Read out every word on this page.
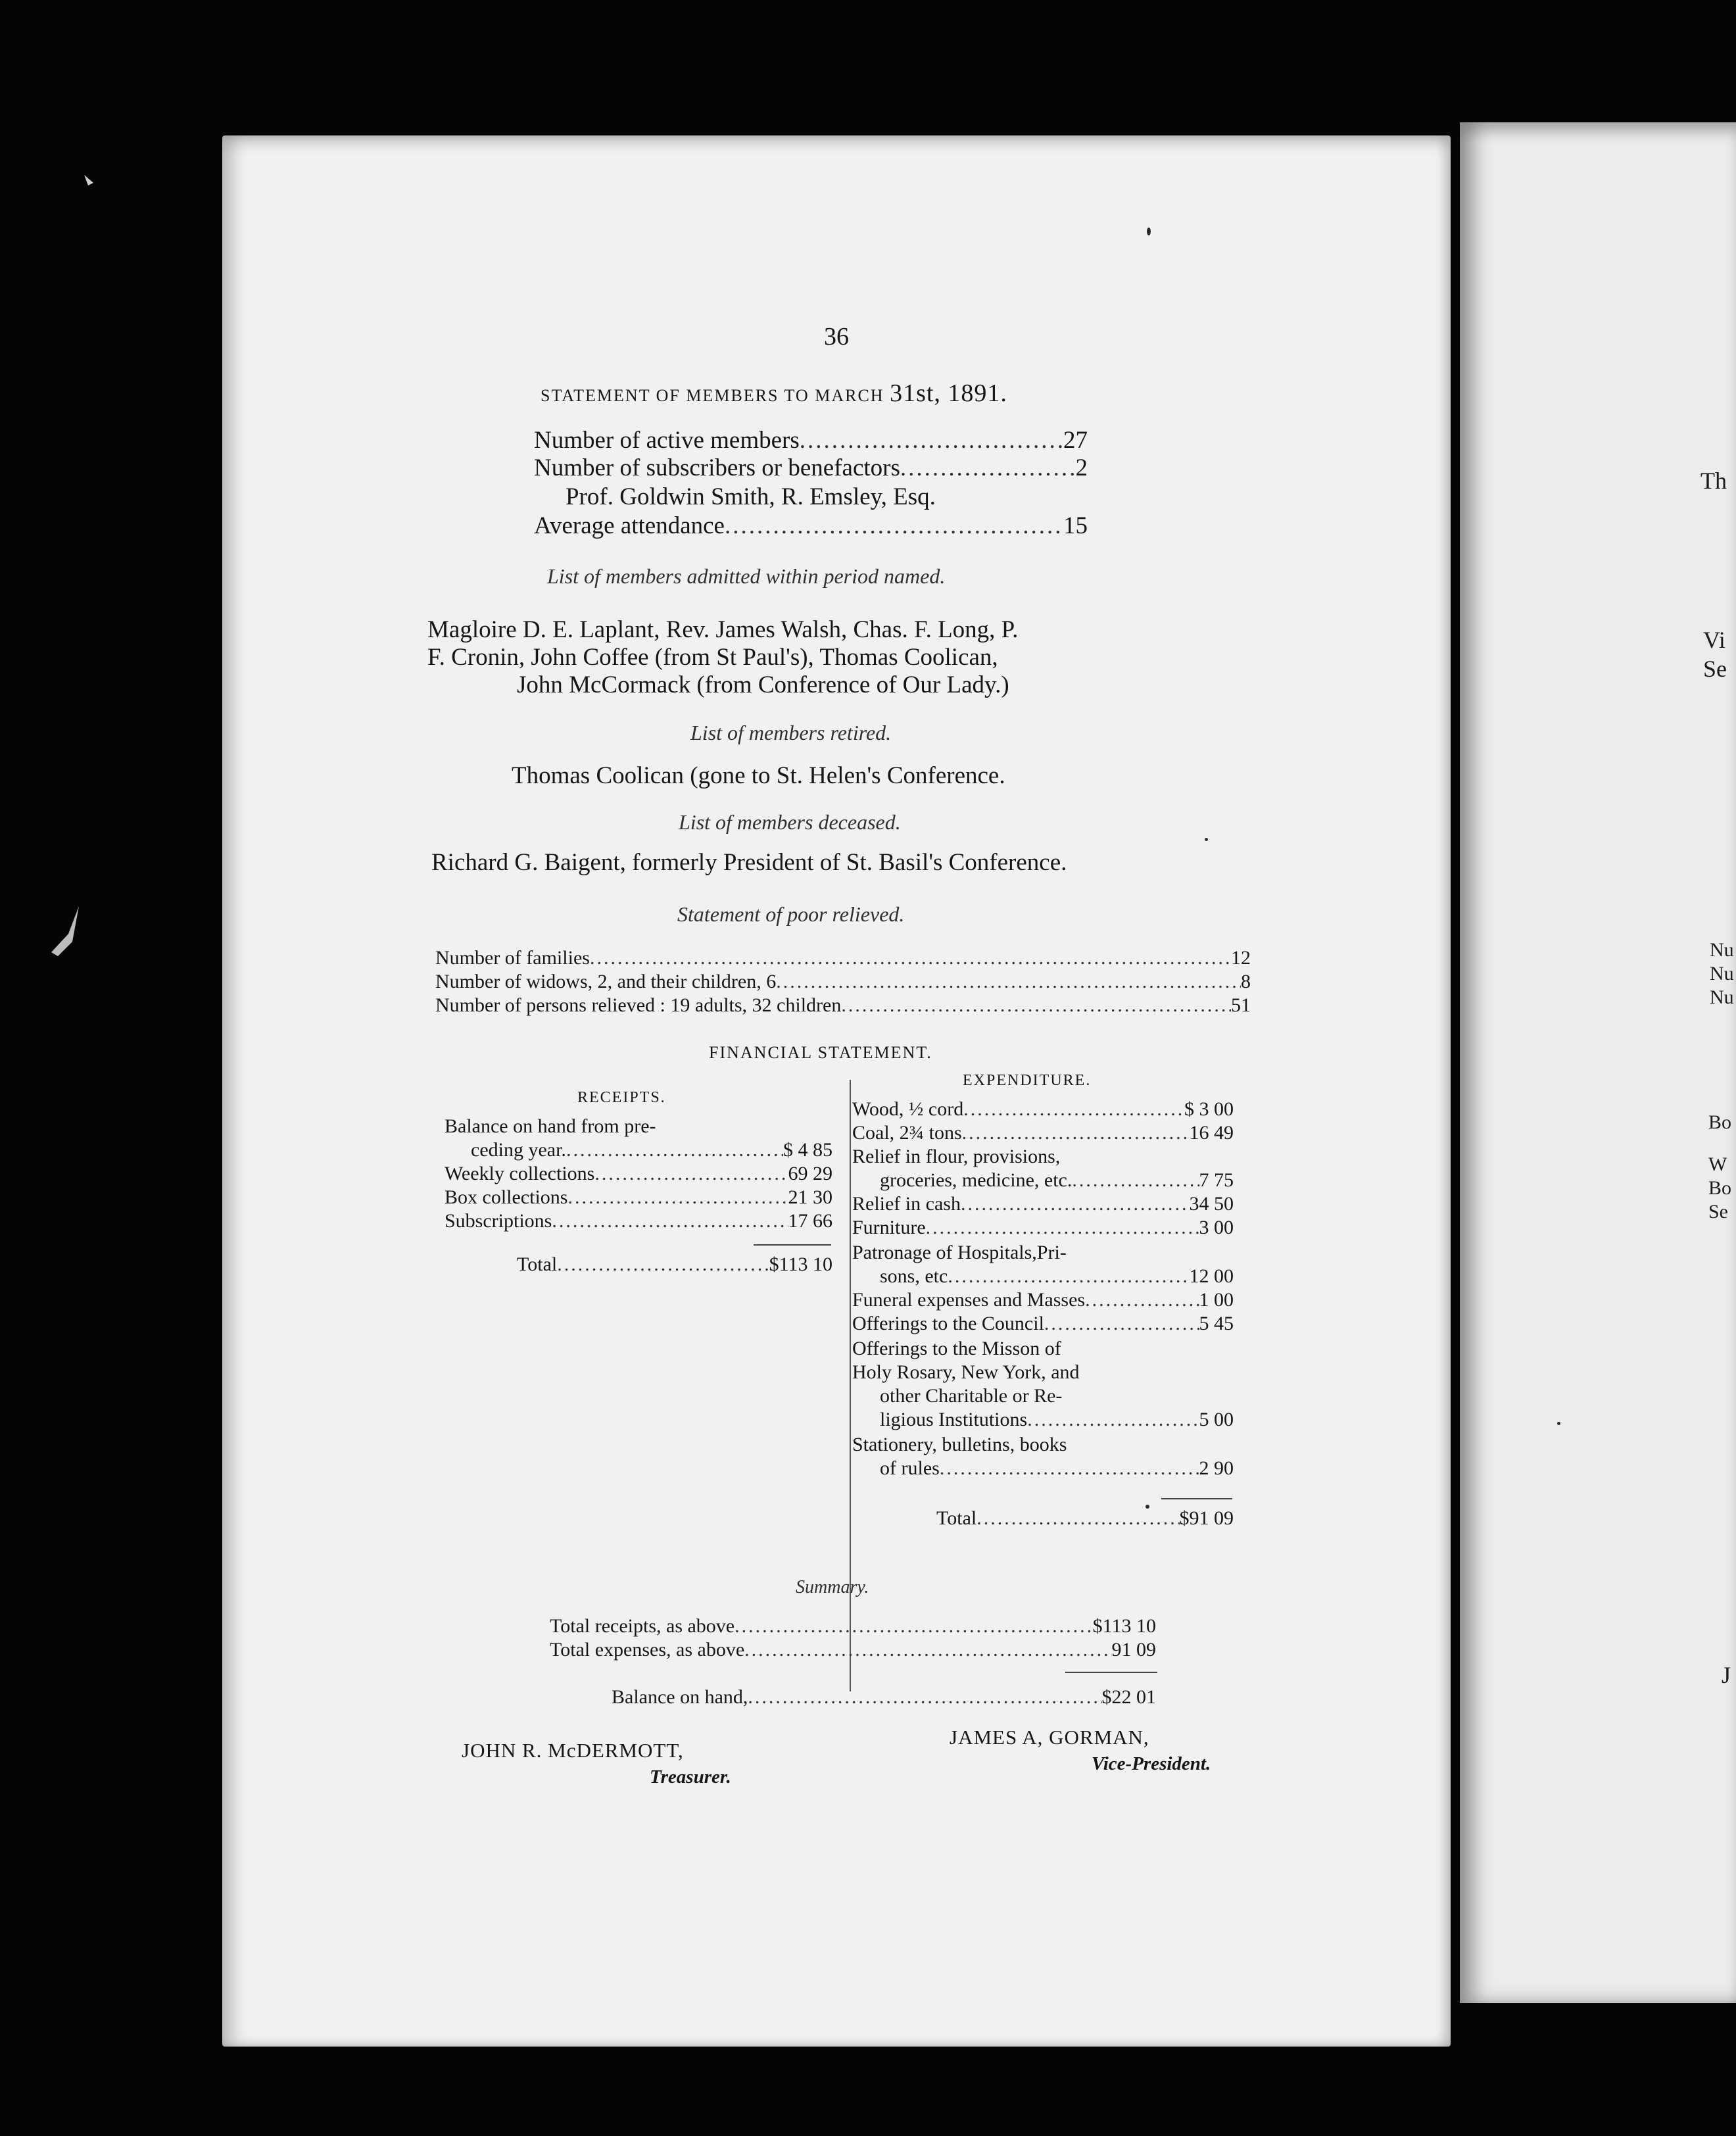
36
STATEMENT OF MEMBERS TO MARCH 31st, 1891.
Number of active members .....	27
Number of subscribers or benefactors .....	2
Prof. Goldwin Smith, R. Emsley, Esq.
Average attendance .....	15
List of members admitted within period named.
Magloire D. E. Laplant, Rev. James Walsh, Chas. F. Long, P.
F. Cronin, John Coffee (from St Paul's), Thomas Coolican,
John McCormack (from Conference of Our Lady.)
List of members retired.
Thomas Coolican (gone to St. Helen's Conference.
List of members deceased.
Richard G. Baigent, formerly President of St. Basil's Conference.
Statement of poor relieved.
Number of families .....	12
Number of widows, 2, and their children, 6 .....	8
Number of persons relieved : 19 adults, 32 children .....	51
FINANCIAL STATEMENT.
RECEIPTS.
Balance on hand from pre-
ceding year. .....	$ 4 85
Weekly collections .....	69 29
Box collections .....	21 30
Subscriptions .....	17 66
Total .....	$113 10
EXPENDITURE.
Wood, ½ cord .....	$ 3 00
Coal, 2¾ tons .....	16 49
Relief in flour, provisions,
groceries, medicine, etc. .....	7 75
Relief in cash .....	34 50
Furniture .....	3 00
Patronage of Hospitals,Pri-
sons, etc .....	12 00
Funeral expenses and Masses .....	1 00
Offerings to the Council .....	5 45
Offerings to the Misson of
Holy Rosary, New York, and
other Charitable or Re-
ligious Institutions .....	5 00
Stationery, bulletins, books
of rules .....	2 90
Total .....	$91 09
Summary.
Total receipts, as above .....	$113 10
Total expenses, as above .....	91 09
Balance on hand, .....	$22 01
JOHN R. McDERMOTT,
Treasurer.
JAMES A, GORMAN,
Vice-President.
Th
Vi
Se
Nu
Nu
Nu
Bo
W
Bo
Se
J
